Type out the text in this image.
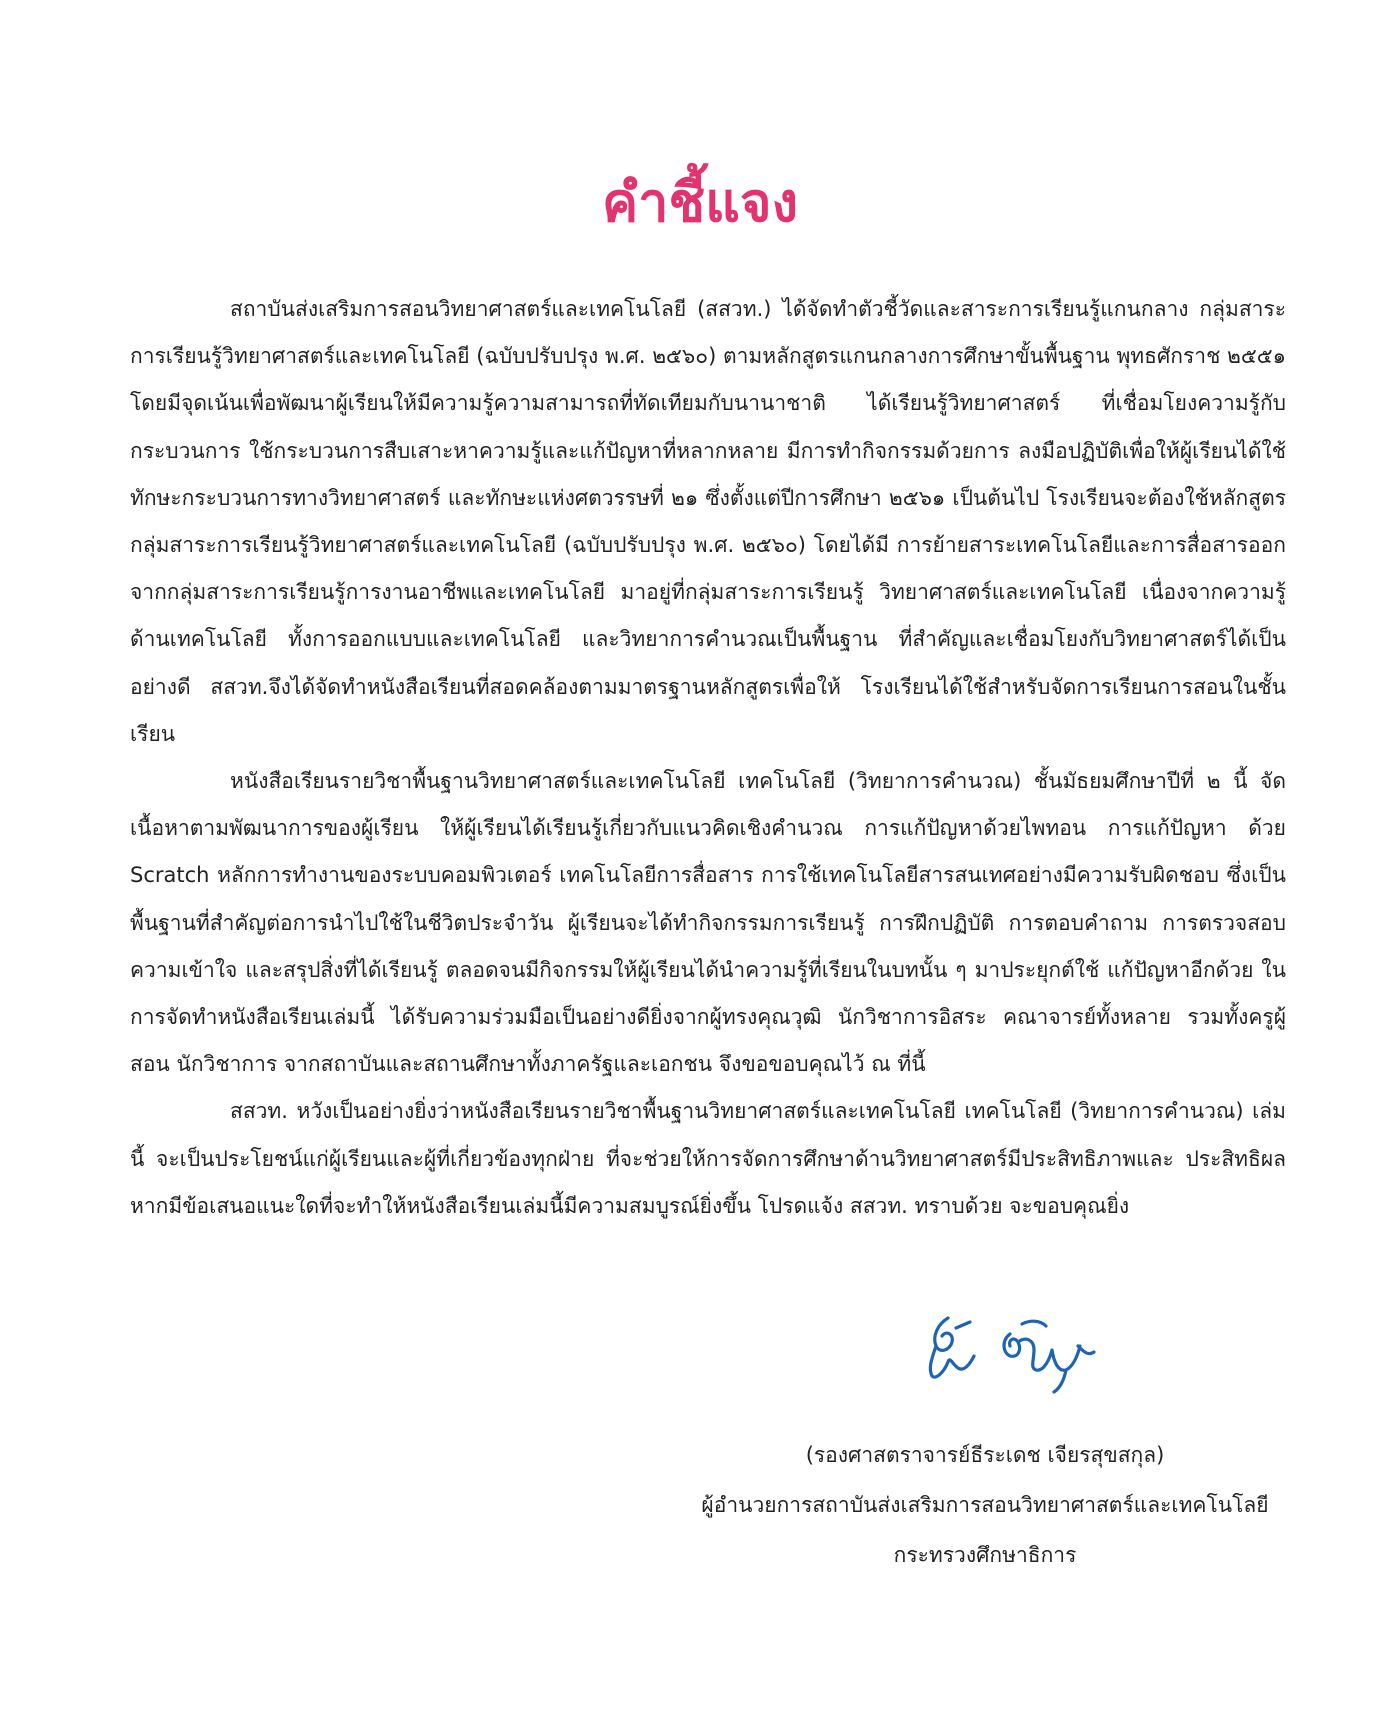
คำชี้แจง

สถาบันส่งเสริมการสอนวิทยาศาสตร์และเทคโนโลยี (สสวท.) ได้จัดทำตัวชี้วัดและสาระการเรียนรู้แกนกลาง กลุ่มสาระการเรียนรู้วิทยาศาสตร์และเทคโนโลยี (ฉบับปรับปรุง พ.ศ. ๒๕๖๐) ตามหลักสูตรแกนกลางการศึกษาขั้นพื้นฐาน พุทธศักราช ๒๕๕๑ โดยมีจุดเน้นเพื่อพัฒนาผู้เรียนให้มีความรู้ความสามารถที่ทัดเทียมกับนานาชาติ ได้เรียนรู้วิทยาศาสตร์ ที่เชื่อมโยงความรู้กับกระบวนการ ใช้กระบวนการสืบเสาะหาความรู้และแก้ปัญหาที่หลากหลาย มีการทำกิจกรรมด้วยการ ลงมือปฏิบัติเพื่อให้ผู้เรียนได้ใช้ทักษะกระบวนการทางวิทยาศาสตร์ และทักษะแห่งศตวรรษที่ ๒๑ ซึ่งตั้งแต่ปีการศึกษา ๒๕๖๑ เป็นต้นไป โรงเรียนจะต้องใช้หลักสูตรกลุ่มสาระการเรียนรู้วิทยาศาสตร์และเทคโนโลยี (ฉบับปรับปรุง พ.ศ. ๒๕๖๐) โดยได้มี การย้ายสาระเทคโนโลยีและการสื่อสารออกจากกลุ่มสาระการเรียนรู้การงานอาชีพและเทคโนโลยี มาอยู่ที่กลุ่มสาระการเรียนรู้ วิทยาศาสตร์และเทคโนโลยี เนื่องจากความรู้ด้านเทคโนโลยี ทั้งการออกแบบและเทคโนโลยี และวิทยาการคำนวณเป็นพื้นฐาน ที่สำคัญและเชื่อมโยงกับวิทยาศาสตร์ได้เป็นอย่างดี สสวท.จึงได้จัดทำหนังสือเรียนที่สอดคล้องตามมาตรฐานหลักสูตรเพื่อให้ โรงเรียนได้ใช้สำหรับจัดการเรียนการสอนในชั้นเรียน

หนังสือเรียนรายวิชาพื้นฐานวิทยาศาสตร์และเทคโนโลยี เทคโนโลยี (วิทยาการคำนวณ) ชั้นมัธยมศึกษาปีที่ ๒ นี้ จัดเนื้อหาตามพัฒนาการของผู้เรียน ให้ผู้เรียนได้เรียนรู้เกี่ยวกับแนวคิดเชิงคำนวณ การแก้ปัญหาด้วยไพทอน การแก้ปัญหา ด้วย Scratch หลักการทำงานของระบบคอมพิวเตอร์ เทคโนโลยีการสื่อสาร การใช้เทคโนโลยีสารสนเทศอย่างมีความรับผิดชอบ ซึ่งเป็นพื้นฐานที่สำคัญต่อการนำไปใช้ในชีวิตประจำวัน ผู้เรียนจะได้ทำกิจกรรมการเรียนรู้ การฝึกปฏิบัติ การตอบคำถาม การตรวจสอบความเข้าใจ และสรุปสิ่งที่ได้เรียนรู้ ตลอดจนมีกิจกรรมให้ผู้เรียนได้นำความรู้ที่เรียนในบทนั้น ๆ มาประยุกต์ใช้ แก้ปัญหาอีกด้วย ในการจัดทำหนังสือเรียนเล่มนี้ ได้รับความร่วมมือเป็นอย่างดียิ่งจากผู้ทรงคุณวุฒิ นักวิชาการอิสระ คณาจารย์ทั้งหลาย รวมทั้งครูผู้สอน นักวิชาการ จากสถาบันและสถานศึกษาทั้งภาครัฐและเอกชน จึงขอขอบคุณไว้ ณ ที่นี้

สสวท. หวังเป็นอย่างยิ่งว่าหนังสือเรียนรายวิชาพื้นฐานวิทยาศาสตร์และเทคโนโลยี เทคโนโลยี (วิทยาการคำนวณ) เล่มนี้ จะเป็นประโยชน์แก่ผู้เรียนและผู้ที่เกี่ยวข้องทุกฝ่าย ที่จะช่วยให้การจัดการศึกษาด้านวิทยาศาสตร์มีประสิทธิภาพและ ประสิทธิผล หากมีข้อเสนอแนะใดที่จะทำให้หนังสือเรียนเล่มนี้มีความสมบูรณ์ยิ่งขึ้น โปรดแจ้ง สสวท. ทราบด้วย จะขอบคุณยิ่ง

(รองศาสตราจารย์ธีระเดช เจียรสุขสกุล)
ผู้อำนวยการสถาบันส่งเสริมการสอนวิทยาศาสตร์และเทคโนโลยี
กระทรวงศึกษาธิการ
